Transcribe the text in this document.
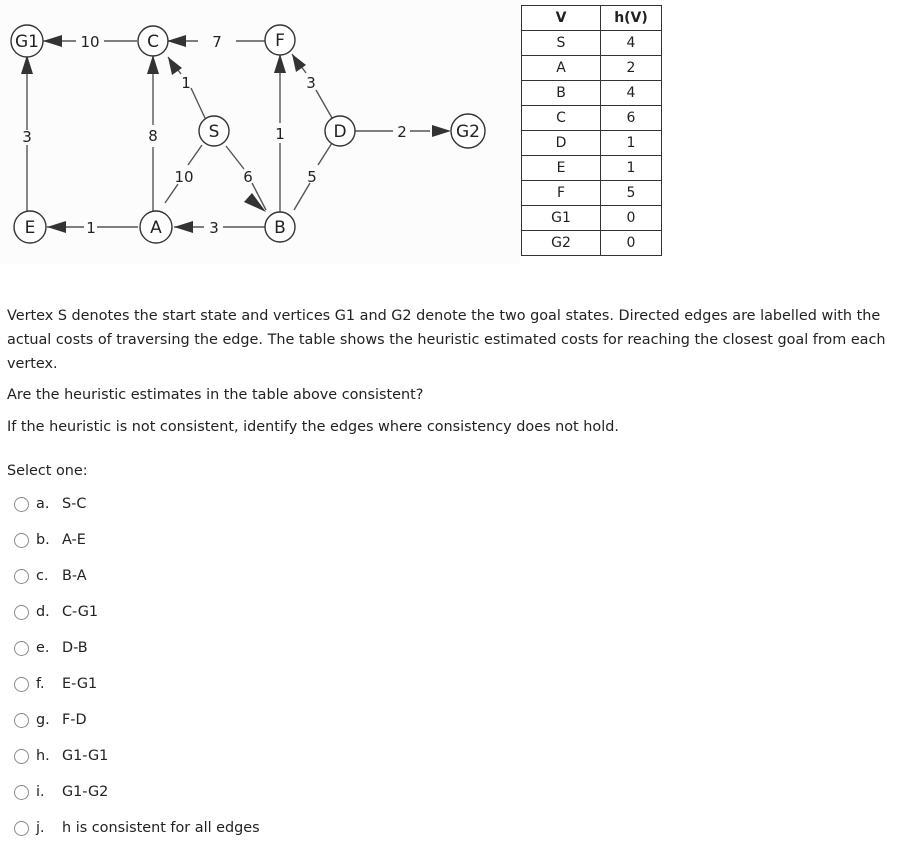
G1	C	F
S	D	G2
E	A	B
10	7
1	3
8
10	6
1
5
2
3
1	3
V	h(V)
S	4
A	2
B	4
C	6
D	1
E	1
F	5
G1	0
G2	0

Vertex S denotes the start state and vertices G1 and G2 denote the two goal states. Directed edges are labelled with the actual costs of traversing the edge. The table shows the heuristic estimated costs for reaching the closest goal from each vertex.

Are the heuristic estimates in the table above consistent?

If the heuristic is not consistent, identify the edges where consistency does not hold.

Select one:
a. S-C
b. A-E
c. B-A
d. C-G1
e. D-B
f.	E-G1
g. F-D
h. G1-G1
i.	G1-G2
j.	h is consistent for all edges
